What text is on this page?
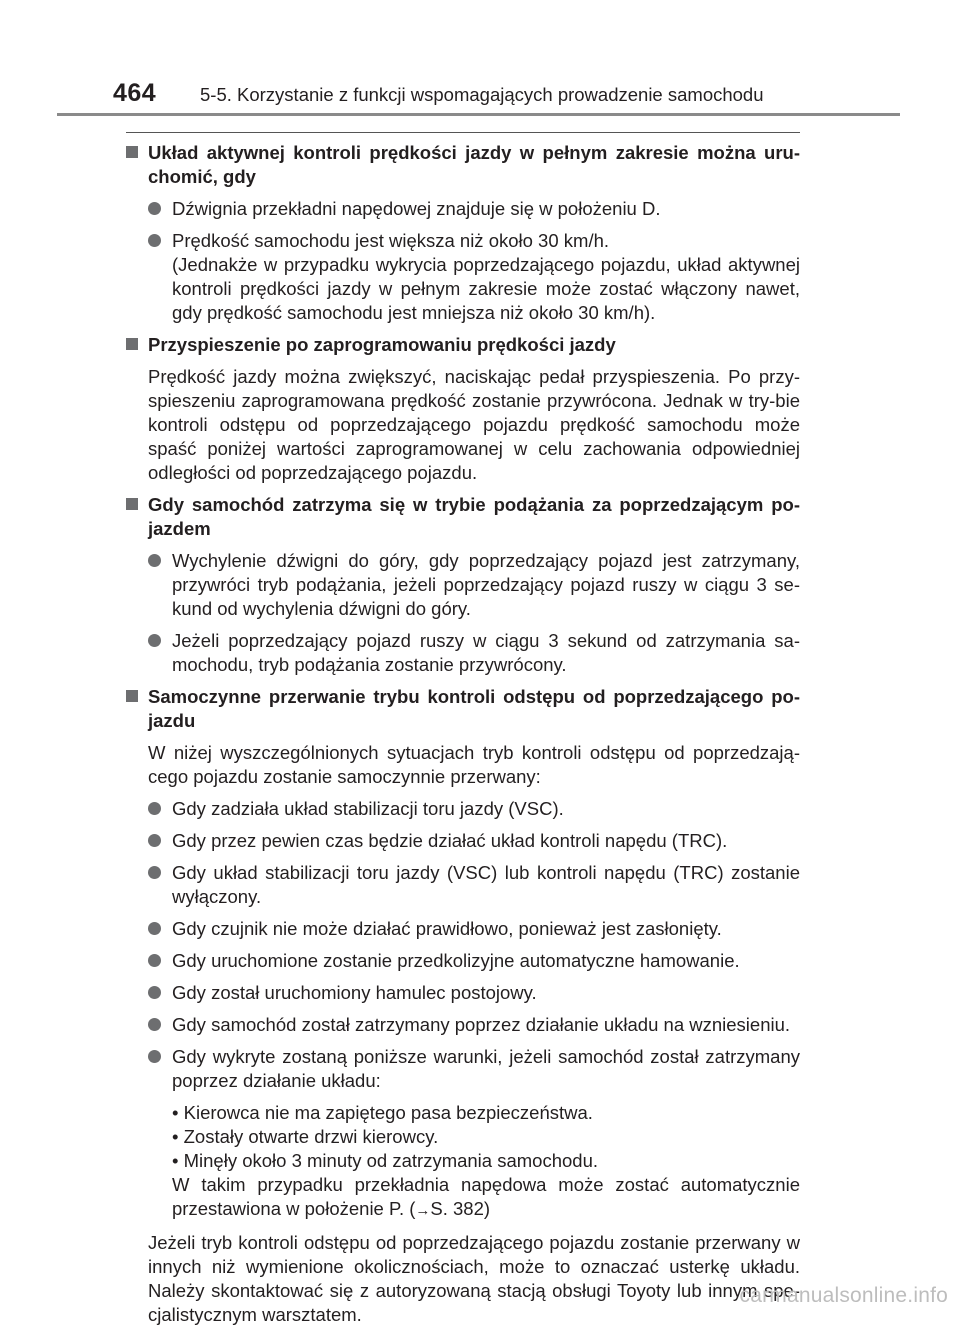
464 5-5. Korzystanie z funkcji wspomagających prowadzenie samochodu
Układ aktywnej kontroli prędkości jazdy w pełnym zakresie można uru-chomić, gdy
Dźwignia przekładni napędowej znajduje się w położeniu D.
Prędkość samochodu jest większa niż około 30 km/h.
(Jednakże w przypadku wykrycia poprzedzającego pojazdu, układ aktywnej kontroli prędkości jazdy w pełnym zakresie może zostać włączony nawet, gdy prędkość samochodu jest mniejsza niż około 30 km/h).
Przyspieszenie po zaprogramowaniu prędkości jazdy
Prędkość jazdy można zwiększyć, naciskając pedał przyspieszenia. Po przy-spieszeniu zaprogramowana prędkość zostanie przywrócona. Jednak w try-bie kontroli odstępu od poprzedzającego pojazdu prędkość samochodu może spaść poniżej wartości zaprogramowanej w celu zachowania odpowiedniej odległości od poprzedzającego pojazdu.
Gdy samochód zatrzyma się w trybie podążania za poprzedzającym po-jazdem
Wychylenie dźwigni do góry, gdy poprzedzający pojazd jest zatrzymany, przywróci tryb podążania, jeżeli poprzedzający pojazd ruszy w ciągu 3 se-kund od wychylenia dźwigni do góry.
Jeżeli poprzedzający pojazd ruszy w ciągu 3 sekund od zatrzymania sa-mochodu, tryb podążania zostanie przywrócony.
Samoczynne przerwanie trybu kontroli odstępu od poprzedzającego po-jazdu
W niżej wyszczególnionych sytuacjach tryb kontroli odstępu od poprzedzają-cego pojazdu zostanie samoczynnie przerwany:
Gdy zadziała układ stabilizacji toru jazdy (VSC).
Gdy przez pewien czas będzie działać układ kontroli napędu (TRC).
Gdy układ stabilizacji toru jazdy (VSC) lub kontroli napędu (TRC) zostanie wyłączony.
Gdy czujnik nie może działać prawidłowo, ponieważ jest zasłonięty.
Gdy uruchomione zostanie przedkolizyjne automatyczne hamowanie.
Gdy został uruchomiony hamulec postojowy.
Gdy samochód został zatrzymany poprzez działanie układu na wzniesieniu.
Gdy wykryte zostaną poniższe warunki, jeżeli samochód został zatrzymany poprzez działanie układu:
• Kierowca nie ma zapiętego pasa bezpieczeństwa.
• Zostały otwarte drzwi kierowcy.
• Minęły około 3 minuty od zatrzymania samochodu.
W takim przypadku przekładnia napędowa może zostać automatycznie przestawiona w położenie P. (→S. 382)
Jeżeli tryb kontroli odstępu od poprzedzającego pojazdu zostanie przerwany w innych niż wymienione okolicznościach, może to oznaczać usterkę układu. Należy skontaktować się z autoryzowaną stacją obsługi Toyoty lub innym spe-cjalistycznym warsztatem.
carmanualsonline.info
